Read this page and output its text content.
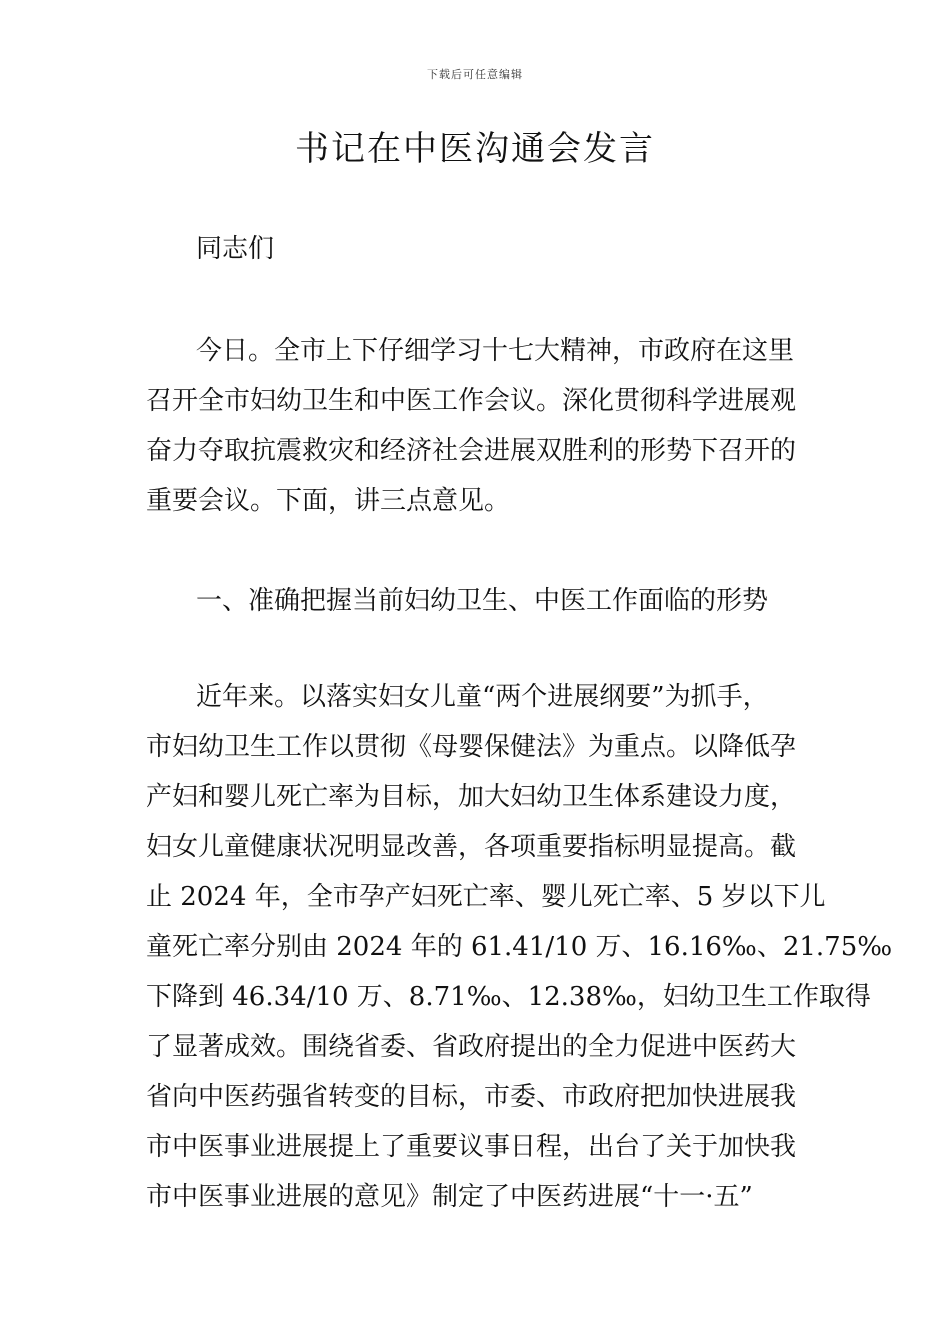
下载后可任意编辑
书记在中医沟通会发言
同志们
今日。全市上下仔细学习十七大精神，市政府在这里
召开全市妇幼卫生和中医工作会议。深化贯彻科学进展观
奋力夺取抗震救灾和经济社会进展双胜利的形势下召开的
重要会议。下面，讲三点意见。
一、准确把握当前妇幼卫生、中医工作面临的形势
近年来。以落实妇女儿童“两个进展纲要”为抓手，
市妇幼卫生工作以贯彻《母婴保健法》为重点。以降低孕
产妇和婴儿死亡率为目标，加大妇幼卫生体系建设力度，
妇女儿童健康状况明显改善，各项重要指标明显提高。截
止 2024 年，全市孕产妇死亡率、婴儿死亡率、5 岁以下儿
童死亡率分别由 2024 年的 61.41/10 万、16.16‰、21.75‰
下降到 46.34/10 万、8.71‰、12.38‰，妇幼卫生工作取得
了显著成效。围绕省委、省政府提出的全力促进中医药大
省向中医药强省转变的目标，市委、市政府把加快进展我
市中医事业进展提上了重要议事日程，出台了关于加快我
市中医事业进展的意见》制定了中医药进展“十一·五”
